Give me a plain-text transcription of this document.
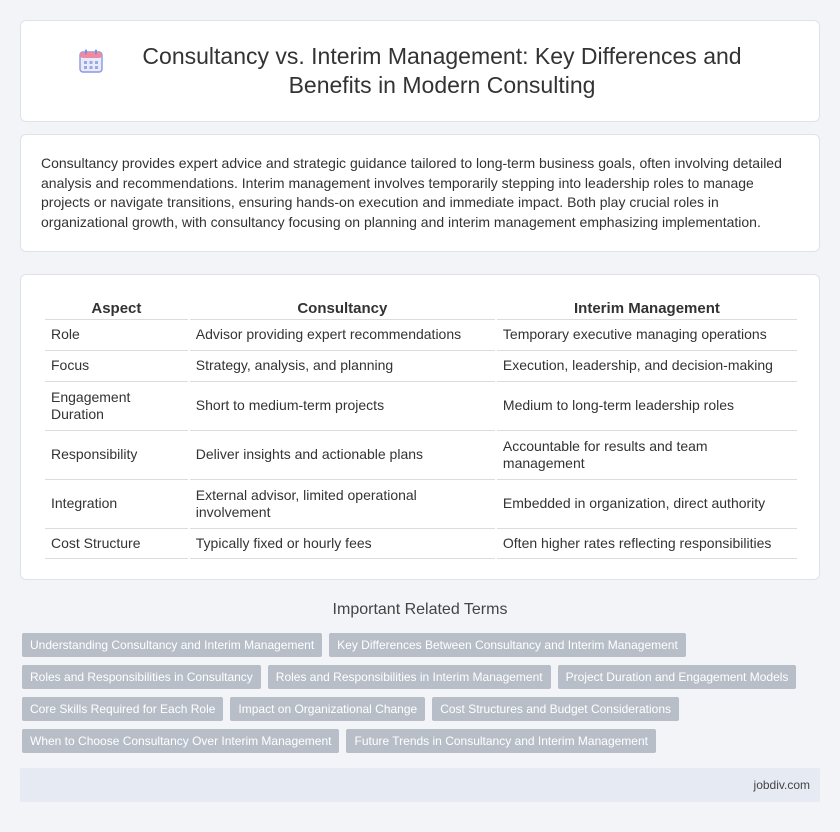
Consultancy vs. Interim Management: Key Differences and Benefits in Modern Consulting

Consultancy provides expert advice and strategic guidance tailored to long-term business goals, often involving detailed analysis and recommendations. Interim management involves temporarily stepping into leadership roles to manage projects or navigate transitions, ensuring hands-on execution and immediate impact. Both play crucial roles in organizational growth, with consultancy focusing on planning and interim management emphasizing implementation.

Aspect	Consultancy	Interim Management
Role	Advisor providing expert recommendations	Temporary executive managing operations
Focus	Strategy, analysis, and planning	Execution, leadership, and decision-making
Engagement Duration	Short to medium-term projects	Medium to long-term leadership roles
Responsibility	Deliver insights and actionable plans	Accountable for results and team management
Integration	External advisor, limited operational involvement	Embedded in organization, direct authority
Cost Structure	Typically fixed or hourly fees	Often higher rates reflecting responsibilities
Important Related Terms
Understanding Consultancy and Interim Management	Key Differences Between Consultancy and Interim Management
Roles and Responsibilities in Consultancy	Roles and Responsibilities in Interim Management	Project Duration and Engagement Models
Core Skills Required for Each Role	Impact on Organizational Change	Cost Structures and Budget Considerations
When to Choose Consultancy Over Interim Management	Future Trends in Consultancy and Interim Management
jobdiv.com
